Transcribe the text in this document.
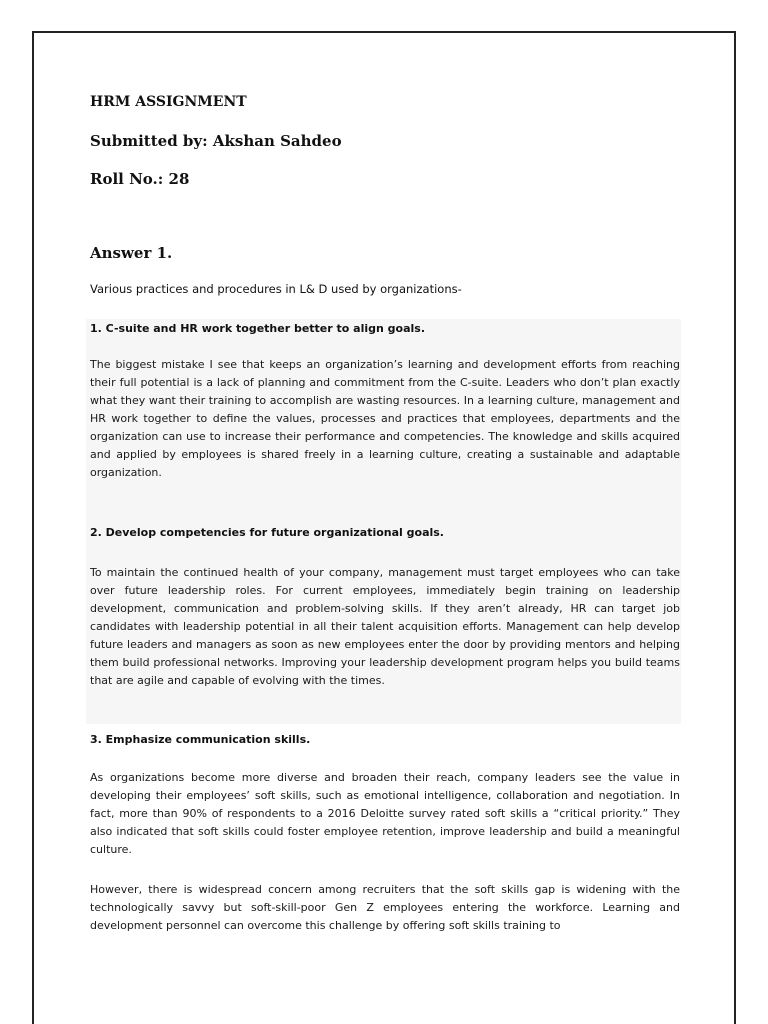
HRM ASSIGNMENT
Submitted by: Akshan Sahdeo
Roll No.: 28
Answer 1.
Various practices and procedures in L& D used by organizations-
1. C-suite and HR work together better to align goals.

The biggest mistake I see that keeps an organization’s learning and development efforts from reaching their full potential is a lack of planning and commitment from the C-suite. Leaders who don’t plan exactly what they want their training to accomplish are wasting resources. In a learning culture, management and HR work together to define the values, processes and practices that employees, departments and the organization can use to increase their performance and competencies. The knowledge and skills acquired and applied by employees is shared freely in a learning culture, creating a sustainable and adaptable organization.

2. Develop competencies for future organizational goals.

To maintain the continued health of your company, management must target employees who can take over future leadership roles. For current employees, immediately begin training on leadership development, communication and problem-solving skills. If they aren’t already, HR can target job candidates with leadership potential in all their talent acquisition efforts. Management can help develop future leaders and managers as soon as new employees enter the door by providing mentors and helping them build professional networks. Improving your leadership development program helps you build teams that are agile and capable of evolving with the times.

3. Emphasize communication skills.

As organizations become more diverse and broaden their reach, company leaders see the value in developing their employees’ soft skills, such as emotional intelligence, collaboration and negotiation. In fact, more than 90% of respondents to a 2016 Deloitte survey rated soft skills a “critical priority.” They also indicated that soft skills could foster employee retention, improve leadership and build a meaningful culture.

However, there is widespread concern among recruiters that the soft skills gap is widening with the technologically savvy but soft-skill-poor Gen Z employees entering the workforce. Learning and development personnel can overcome this challenge by offering soft skills training to
